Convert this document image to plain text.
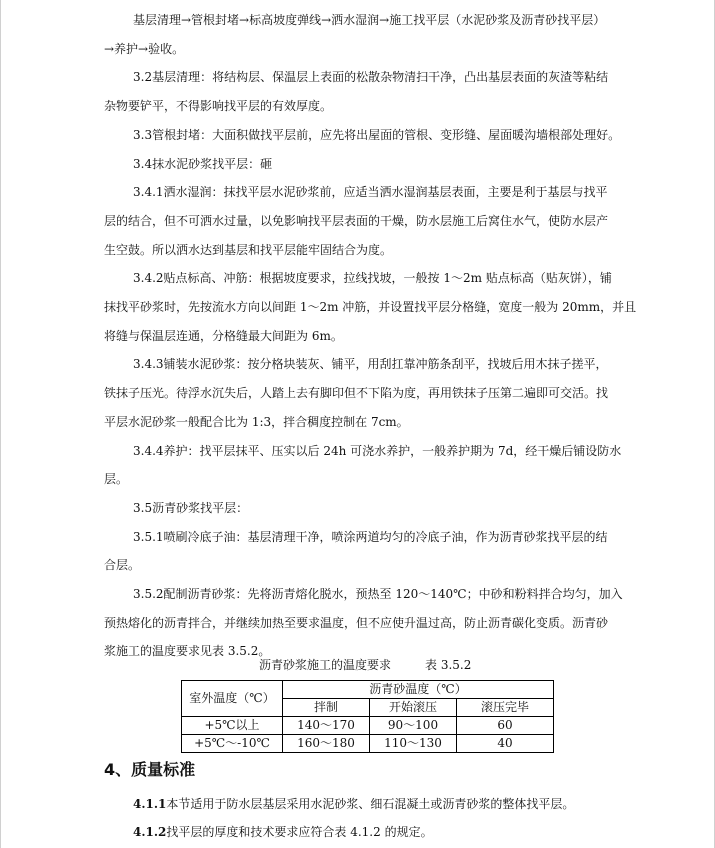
基层清理→管根封堵→标高坡度弹线→洒水湿润→施工找平层（水泥砂浆及沥青砂找平层）

→养护→验收。

3.2基层清理：将结构层、保温层上表面的松散杂物清扫干净，凸出基层表面的灰渣等粘结

杂物要铲平，不得影响找平层的有效厚度。

3.3管根封堵：大面积做找平层前，应先将出屋面的管根、变形缝、屋面暖沟墙根部处理好。

3.4抹水泥砂浆找平层：砸

3.4.1洒水湿润：抹找平层水泥砂浆前，应适当洒水湿润基层表面，主要是利于基层与找平

层的结合，但不可洒水过量，以免影响找平层表面的干燥，防水层施工后窝住水气，使防水层产

生空鼓。所以洒水达到基层和找平层能牢固结合为度。

3.4.2贴点标高、冲筋：根据坡度要求，拉线找坡，一般按 1～2m 贴点标高（贴灰饼），铺

抹找平砂浆时，先按流水方向以间距 1～2m 冲筋，并设置找平层分格缝，宽度一般为 20mm，并且

将缝与保温层连通，分格缝最大间距为 6m。

3.4.3铺装水泥砂浆：按分格块装灰、铺平，用刮扛靠冲筋条刮平，找坡后用木抹子搓平，

铁抹子压光。待浮水沉失后，人踏上去有脚印但不下陷为度，再用铁抹子压第二遍即可交活。找

平层水泥砂浆一般配合比为 1:3，拌合稠度控制在 7cm。

3.4.4养护：找平层抹平、压实以后 24h 可浇水养护，一般养护期为 7d，经干燥后铺设防水

层。

3.5沥青砂浆找平层：

3.5.1喷刷冷底子油：基层清理干净，喷涂两道均匀的冷底子油，作为沥青砂浆找平层的结

合层。

3.5.2配制沥青砂浆：先将沥青熔化脱水，预热至 120～140℃；中砂和粉料拌合均匀，加入

预热熔化的沥青拌合，并继续加热至要求温度，但不应使升温过高，防止沥青碳化变质。沥青砂

浆施工的温度要求见表 3.5.2。

沥青砂浆施工的温度要求	表 3.5.2
室外温度（℃）	沥青砂温度（℃）		
	拌制	开始滚压	滚压完毕
+5℃以上	140～170	90～100	60
+5℃～-10℃	160～180	110～130	40
4、质量标准
4.1.1本节适用于防水层基层采用水泥砂浆、细石混凝土或沥青砂浆的整体找平层。
4.1.2找平层的厚度和技术要求应符合表 4.1.2 的规定。
